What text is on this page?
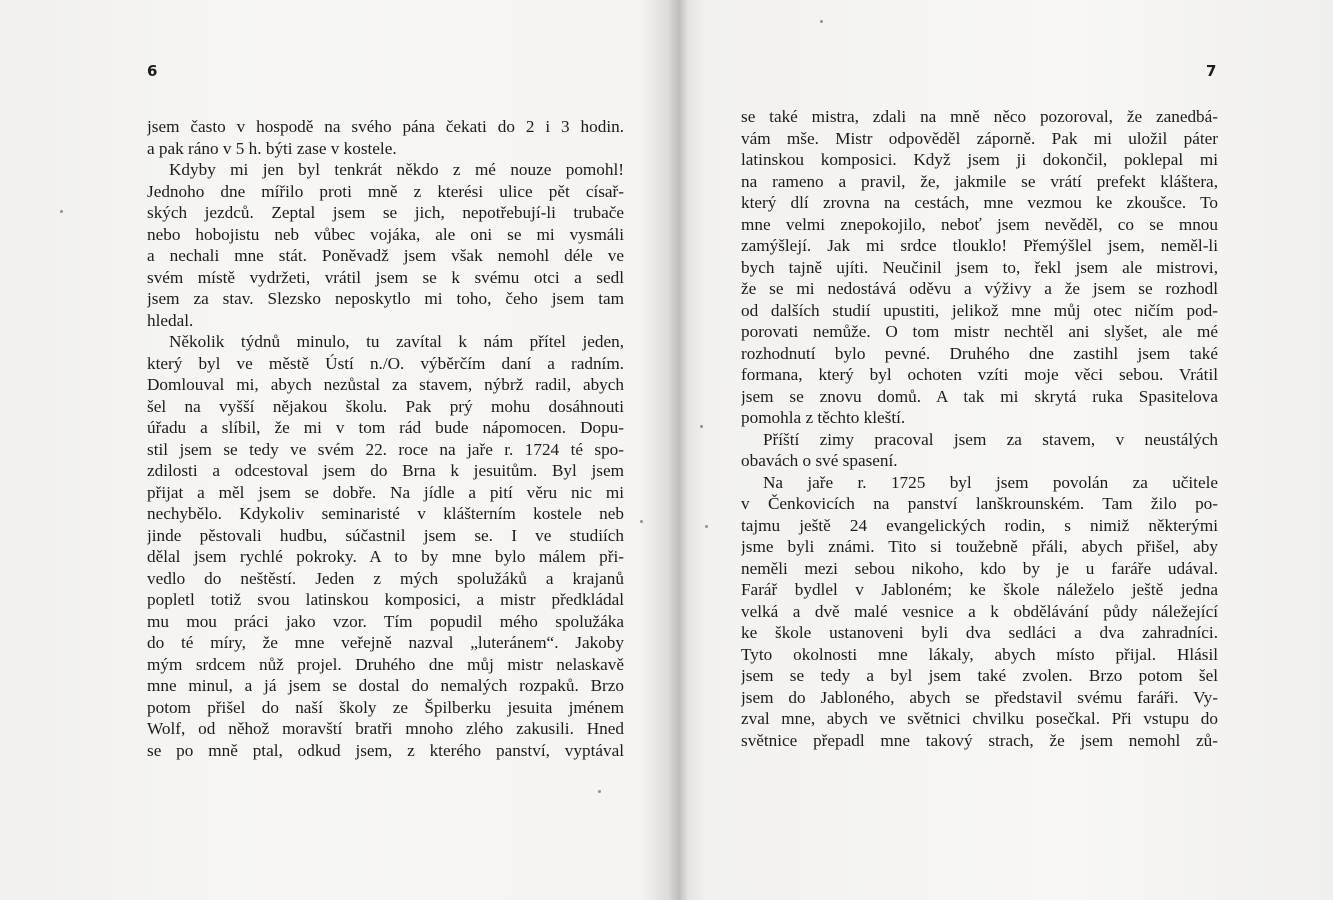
6
jsem často v hospodě na svého pána čekati do 2 i 3 hodin.
a pak ráno v 5 h. býti zase v kostele.
Kdyby mi jen byl tenkrát někdo z mé nouze pomohl!
Jednoho dne mířilo proti mně z kterési ulice pět císař-
ských jezdců. Zeptal jsem se jich, nepotřebují-li trubače
nebo hobojistu neb vůbec vojáka, ale oni se mi vysmáli
a nechali mne stát. Poněvadž jsem však nemohl déle ve
svém místě vydržeti, vrátil jsem se k svému otci a sedl
jsem za stav. Slezsko neposkytlo mi toho, čeho jsem tam
hledal.
Několik týdnů minulo, tu zavítal k nám přítel jeden,
který byl ve městě Ústí n./O. výběrčím daní a radním.
Domlouval mi, abych nezůstal za stavem, nýbrž radil, abych
šel na vyšší nějakou školu. Pak prý mohu dosáhnouti
úřadu a slíbil, že mi v tom rád bude nápomocen. Dopu-
stil jsem se tedy ve svém 22. roce na jaře r. 1724 té spo-
zdilosti a odcestoval jsem do Brna k jesuitům. Byl jsem
přijat a měl jsem se dobře. Na jídle a pití věru nic mi
nechybělo. Kdykoliv seminaristé v klášterním kostele neb
jinde pěstovali hudbu, súčastnil jsem se. I ve studiích
dělal jsem rychlé pokroky. A to by mne bylo málem při-
vedlo do neštěstí. Jeden z mých spolužáků a krajanů
popletl totiž svou latinskou komposici, a mistr předkládal
mu mou práci jako vzor. Tím popudil mého spolužáka
do té míry, že mne veřejně nazval „luteránem“. Jakoby
mým srdcem nůž projel. Druhého dne můj mistr nelaskavě
mne minul, a já jsem se dostal do nemalých rozpaků. Brzo
potom přišel do naší školy ze Špilberku jesuita jménem
Wolf, od něhož moravští bratři mnoho zlého zakusili. Hned
se po mně ptal, odkud jsem, z kterého panství, vyptával
7
se také mistra, zdali na mně něco pozoroval, že zanedbá-
vám mše. Mistr odpověděl záporně. Pak mi uložil páter
latinskou komposici. Když jsem ji dokončil, poklepal mi
na rameno a pravil, že, jakmile se vrátí prefekt kláštera,
který dlí zrovna na cestách, mne vezmou ke zkoušce. To
mne velmi znepokojilo, neboť jsem nevěděl, co se mnou
zamýšlejí. Jak mi srdce tlouklo! Přemýšlel jsem, neměl-li
bych tajně ujíti. Neučinil jsem to, řekl jsem ale mistrovi,
že se mi nedostává oděvu a výživy a že jsem se rozhodl
od dalších studií upustiti, jelikož mne můj otec ničím pod-
porovati nemůže. O tom mistr nechtěl ani slyšet, ale mé
rozhodnutí bylo pevné. Druhého dne zastihl jsem také
formana, který byl ochoten vzíti moje věci sebou. Vrátil
jsem se znovu domů. A tak mi skrytá ruka Spasitelova
pomohla z těchto kleští.
Příští zimy pracoval jsem za stavem, v neustálých
obavách o své spasení.
Na jaře r. 1725 byl jsem povolán za učitele
v Čenkovicích na panství lanškrounském. Tam žilo po-
tajmu ještě 24 evangelických rodin, s nimiž některými
jsme byli známi. Tito si toužebně přáli, abych přišel, aby
neměli mezi sebou nikoho, kdo by je u faráře udával.
Farář bydlel v Jabloném; ke škole náleželo ještě jedna
velká a dvě malé vesnice a k obdělávání půdy náležející
ke škole ustanoveni byli dva sedláci a dva zahradníci.
Tyto okolnosti mne lákaly, abych místo přijal. Hlásil
jsem se tedy a byl jsem také zvolen. Brzo potom šel
jsem do Jabloného, abych se představil svému faráři. Vy-
zval mne, abych ve světnici chvilku posečkal. Při vstupu do
světnice přepadl mne takový strach, že jsem nemohl zů-
